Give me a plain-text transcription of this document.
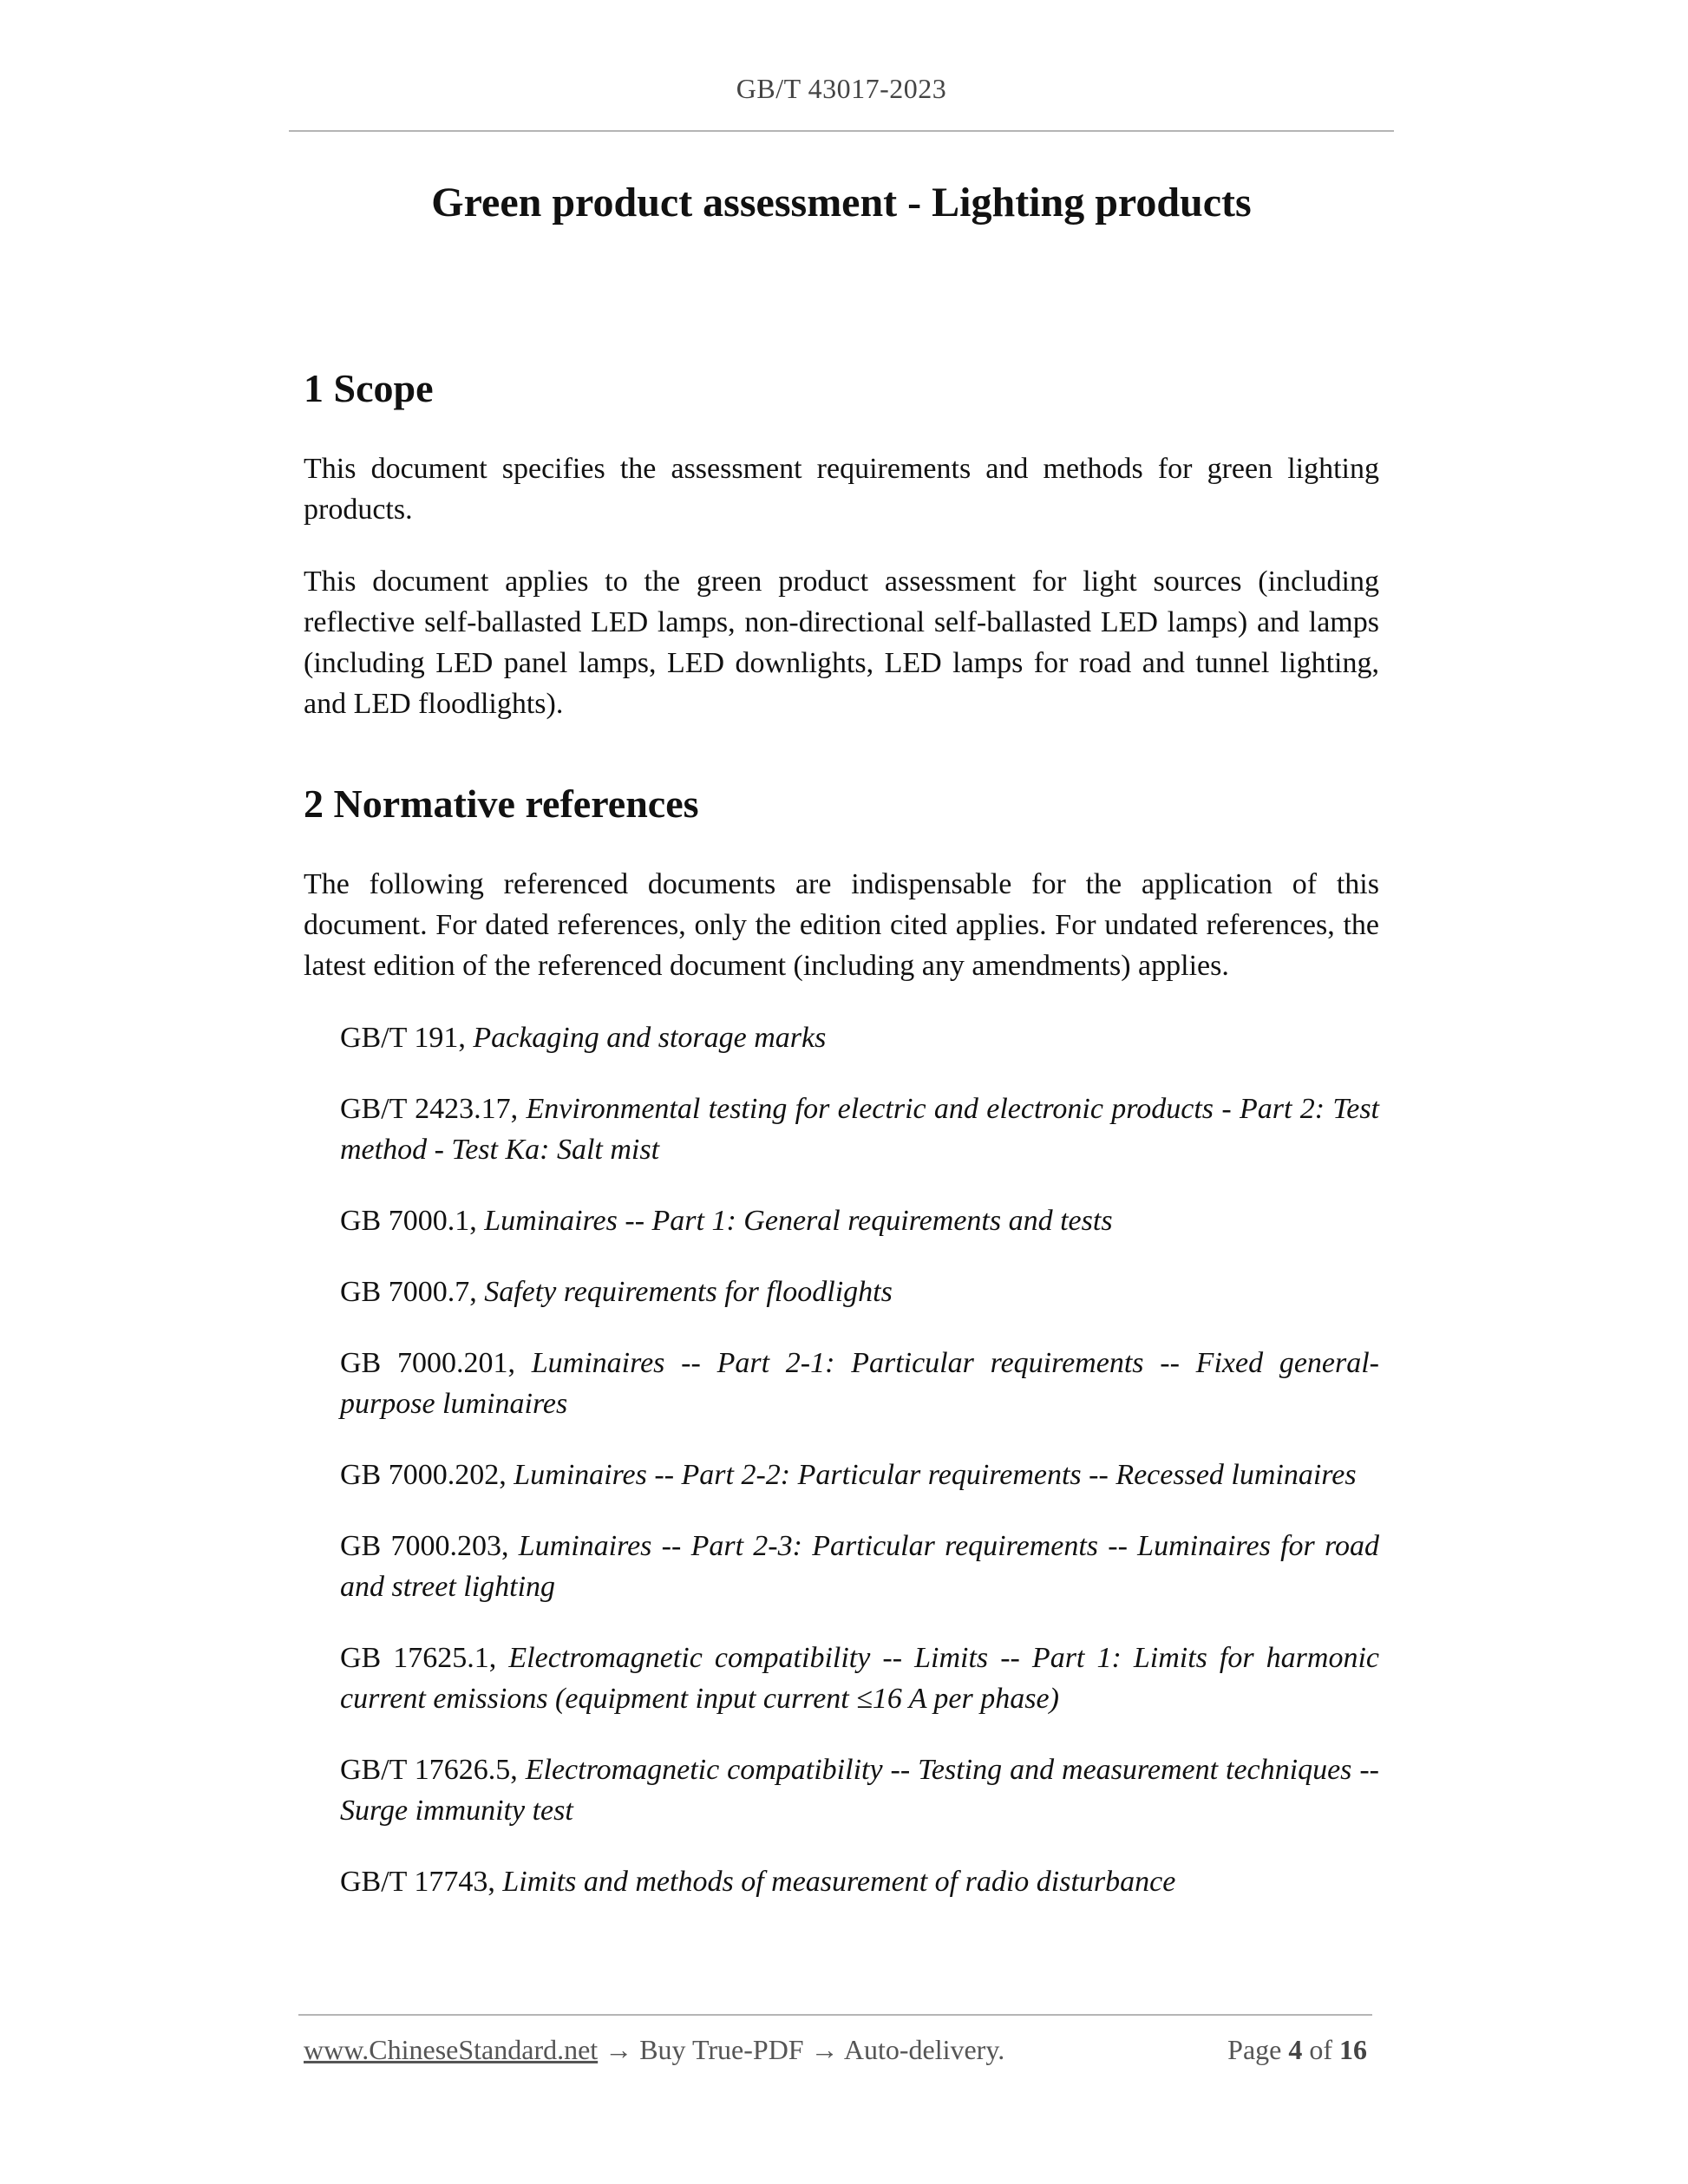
GB/T 43017-2023
Green product assessment - Lighting products
1 Scope

This document specifies the assessment requirements and methods for green lighting products.

This document applies to the green product assessment for light sources (including reflective self-ballasted LED lamps, non-directional self-ballasted LED lamps) and lamps (including LED panel lamps, LED downlights, LED lamps for road and tunnel lighting, and LED floodlights).

2 Normative references

The following referenced documents are indispensable for the application of this document. For dated references, only the edition cited applies. For undated references, the latest edition of the referenced document (including any amendments) applies.

GB/T 191, Packaging and storage marks
GB/T 2423.17, Environmental testing for electric and electronic products - Part 2: Test method - Test Ka: Salt mist
GB 7000.1, Luminaires -- Part 1: General requirements and tests
GB 7000.7, Safety requirements for floodlights
GB 7000.201, Luminaires -- Part 2-1: Particular requirements -- Fixed general-purpose luminaires
GB 7000.202, Luminaires -- Part 2-2: Particular requirements -- Recessed luminaires
GB 7000.203, Luminaires -- Part 2-3: Particular requirements -- Luminaires for road and street lighting
GB 17625.1, Electromagnetic compatibility -- Limits -- Part 1: Limits for harmonic current emissions (equipment input current ≤16 A per phase)
GB/T 17626.5, Electromagnetic compatibility -- Testing and measurement techniques -- Surge immunity test
GB/T 17743, Limits and methods of measurement of radio disturbance
www.ChineseStandard.net → Buy True-PDF → Auto-delivery.	Page 4 of 16
